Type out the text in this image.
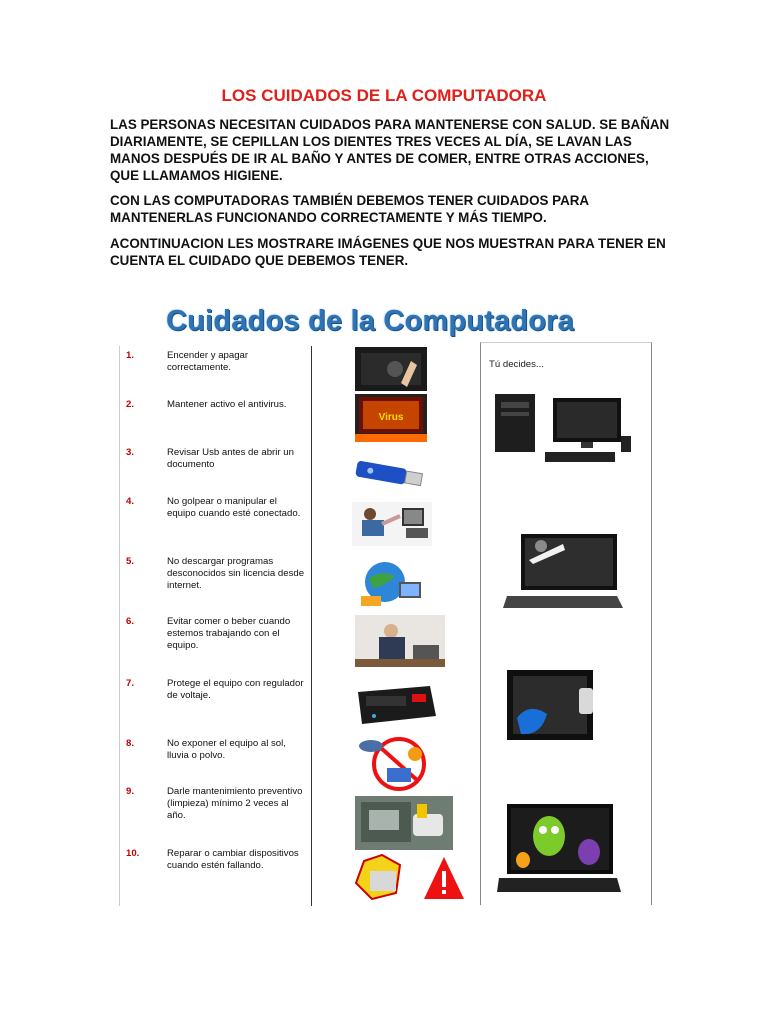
LOS CUIDADOS DE LA COMPUTADORA

LAS PERSONAS NECESITAN CUIDADOS PARA MANTENERSE CON SALUD. SE BAÑAN DIARIAMENTE, SE CEPILLAN LOS DIENTES TRES VECES AL DÍA, SE LAVAN LAS MANOS DESPUÉS DE IR AL BAÑO Y ANTES DE COMER, ENTRE OTRAS ACCIONES, QUE LLAMAMOS HIGIENE.

CON LAS COMPUTADORAS TAMBIÉN DEBEMOS TENER CUIDADOS PARA MANTENERLAS FUNCIONANDO CORRECTAMENTE Y MÁS TIEMPO.

ACONTINUACION LES MOSTRARE IMÁGENES QUE NOS MUESTRAN PARA TENER EN CUENTA EL CUIDADO QUE DEBEMOS TENER.

Cuidados de la Computadora
1.	Encender y apagar correctamente.
2.	Mantener activo el antivirus.
3.	Revisar Usb antes de abrir un documento
4.	No golpear o manipular el equipo cuando esté conectado.
5.	No descargar programas desconocidos sin licencia desde internet.
6.	Evitar comer o beber cuando estemos trabajando con el equipo.
7.	Protege el equipo con regulador de voltaje.
8.	No exponer el equipo al sol, lluvia o polvo.
9.	Darle mantenimiento preventivo (limpieza) mínimo 2 veces al año.
10.	Reparar o cambiar dispositivos cuando estén fallando.
Virus
Tú decides...
